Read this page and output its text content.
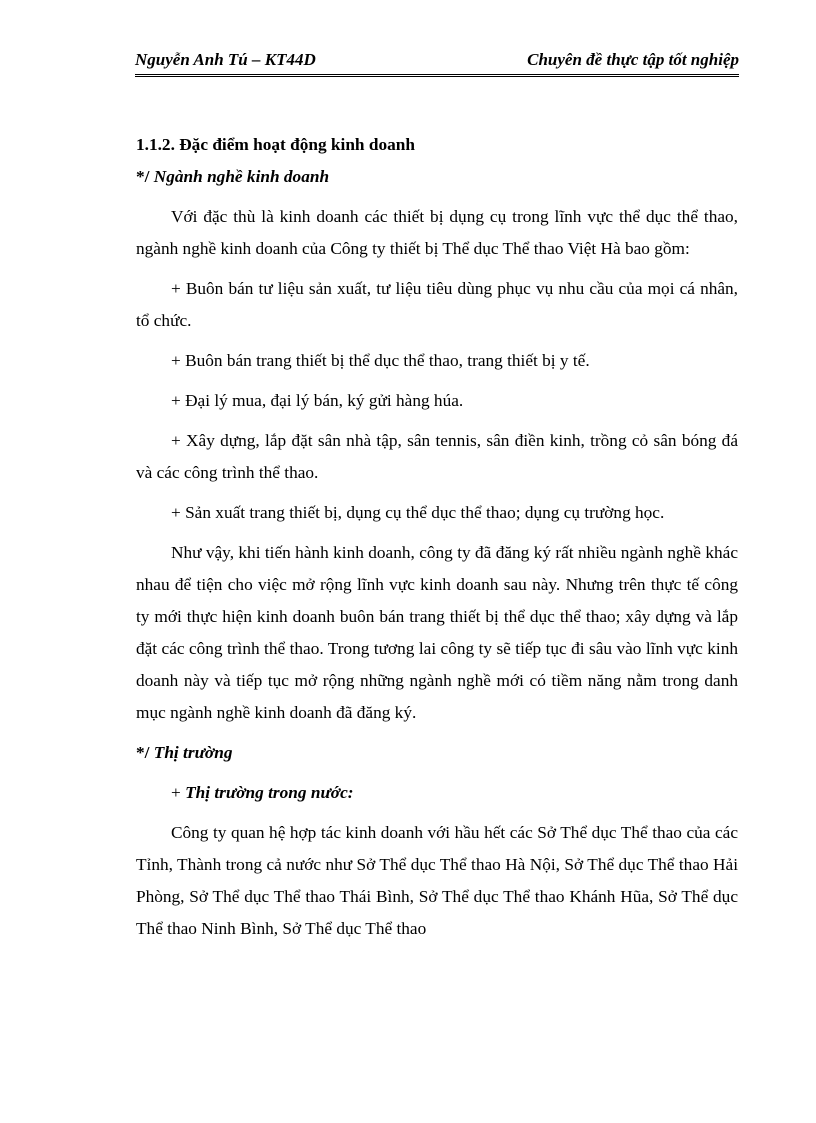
Nguyễn Anh Tú – KT44D	Chuyên đề thực tập tốt nghiệp

1.1.2. Đặc điểm hoạt động kinh doanh

*/ Ngành nghề kinh doanh

Với đặc thù là kinh doanh các thiết bị dụng cụ trong lĩnh vực thể dục thể thao, ngành nghề kinh doanh của Công ty thiết bị Thể dục Thể thao Việt Hà bao gồm:

+ Buôn bán tư liệu sản xuất, tư liệu tiêu dùng phục vụ nhu cầu của mọi cá nhân, tổ chức.

+ Buôn bán trang thiết bị thể dục thể thao, trang thiết bị y tế.

+ Đại lý mua, đại lý bán, ký gửi hàng húa.

+ Xây dựng, lắp đặt sân nhà tập, sân tennis, sân điền kinh, trồng cỏ sân bóng đá và các công trình thể thao.

+ Sản xuất trang thiết bị, dụng cụ thể dục thể thao; dụng cụ trường học.

Như vậy, khi tiến hành kinh doanh, công ty đã đăng ký rất nhiều ngành nghề khác nhau để tiện cho việc mở rộng lĩnh vực kinh doanh sau này. Nhưng trên thực tế công ty mới thực hiện kinh doanh buôn bán trang thiết bị thể dục thể thao; xây dựng và lắp đặt các công trình thể thao. Trong tương lai công ty sẽ tiếp tục đi sâu vào lĩnh vực kinh doanh này và tiếp tục mở rộng những ngành nghề mới có tiềm năng nằm trong danh mục ngành nghề kinh doanh đã đăng ký.

*/ Thị trường

+ Thị trường trong nước:

Công ty quan hệ hợp tác kinh doanh với hầu hết các Sở Thể dục Thể thao của các Tỉnh, Thành trong cả nước như Sở Thể dục Thể thao Hà Nội, Sở Thể dục Thể thao Hải Phòng, Sở Thể dục Thể thao Thái Bình, Sở Thể dục Thể thao Khánh Hũa, Sở Thể dục Thể thao Ninh Bình, Sở Thể dục Thể thao
